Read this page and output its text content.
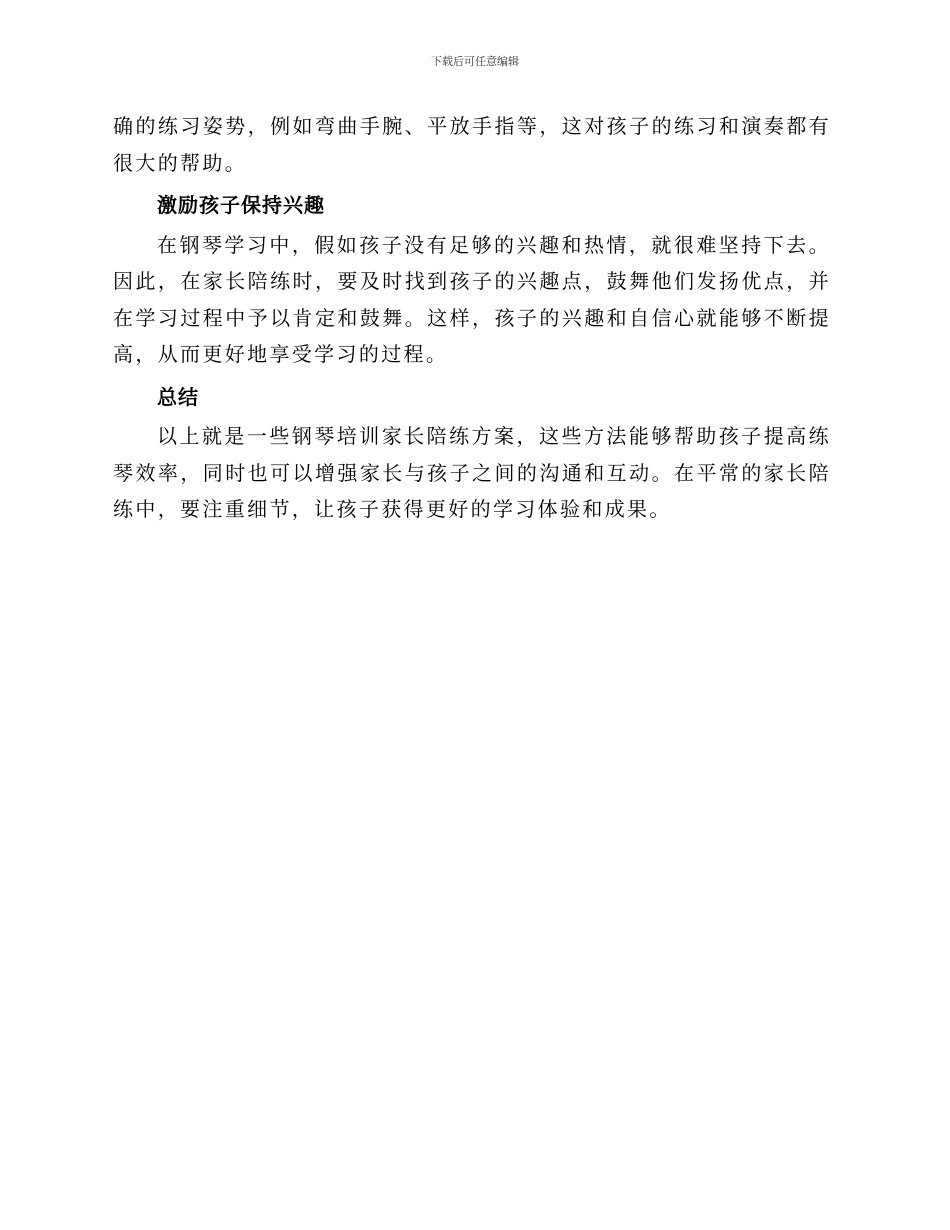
下载后可任意编辑

确的练习姿势，例如弯曲手腕、平放手指等，这对孩子的练习和演奏都有很大的帮助。

激励孩子保持兴趣

在钢琴学习中，假如孩子没有足够的兴趣和热情，就很难坚持下去。因此，在家长陪练时，要及时找到孩子的兴趣点，鼓舞他们发扬优点，并在学习过程中予以肯定和鼓舞。这样，孩子的兴趣和自信心就能够不断提高，从而更好地享受学习的过程。

总结

以上就是一些钢琴培训家长陪练方案，这些方法能够帮助孩子提高练琴效率，同时也可以增强家长与孩子之间的沟通和互动。在平常的家长陪练中，要注重细节，让孩子获得更好的学习体验和成果。
